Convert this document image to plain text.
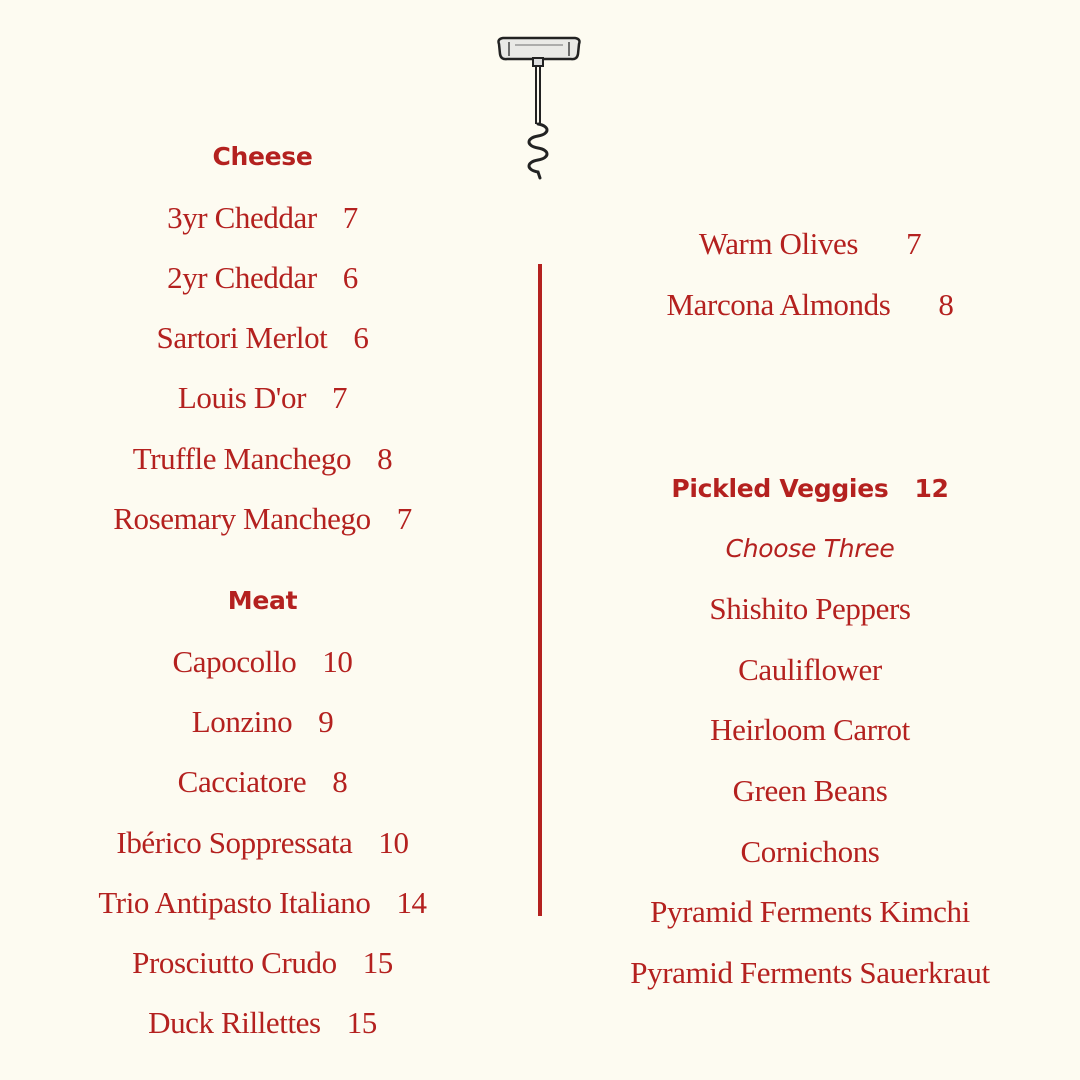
Cheese
3yr Cheddar 7
2yr Cheddar 6
Sartori Merlot 6
Louis D'or 7
Truffle Manchego 8
Rosemary Manchego 7
Meat
Capocollo 10
Lonzino 9
Cacciatore 8
Ibérico Soppressata 10
Trio Antipasto Italiano 14
Prosciutto Crudo 15
Duck Rillettes 15
Warm Olives 7
Marcona Almonds 8
Pickled Veggies 12
Choose Three
Shishito Peppers
Cauliflower
Heirloom Carrot
Green Beans
Cornichons
Pyramid Ferments Kimchi
Pyramid Ferments Sauerkraut
